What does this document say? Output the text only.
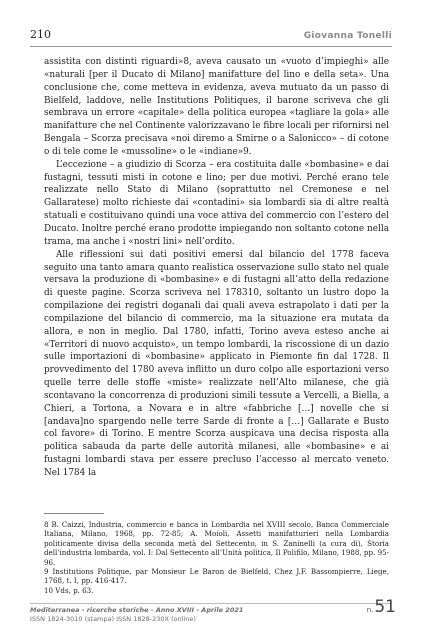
210	Giovanna Tonelli

assistita con distinti riguardi»8, aveva causato un «vuoto d’impieghi» alle «naturali [per il Ducato di Milano] manifatture del lino e della seta». Una conclusione che, come metteva in evidenza, aveva mutuato da un passo di Bielfeld, laddove, nelle Institutions Politiques, il barone scriveva che gli sembrava un errore «capitale» della politica europea «tagliare la gola» alle manifatture che nel Continente valorizzavano le fibre locali per rifornirsi nel Bengala – Scorza precisava «noi diremo a Smirne o a Salonicco» – di cotone o di tele come le «mussoline» o le «indiane»9.

L’eccezione – a giudizio di Scorza – era costituita dalle «bombasine» e dai fustagni, tessuti misti in cotone e lino; per due motivi. Perché erano tele realizzate nello Stato di Milano (soprattutto nel Cremonese e nel Gallaratese) molto richieste dai «contadini» sia lombardi sia di altre realtà statuali e costituivano quindi una voce attiva del commercio con l’estero del Ducato. Inoltre perché erano prodotte impiegando non soltanto cotone nella trama, ma anche i «nostri lini» nell’ordito.

Alle riflessioni sui dati positivi emersi dal bilancio del 1778 faceva seguito una tanto amara quanto realistica osservazione sullo stato nel quale versava la produzione di «bombasine» e di fustagni all’atto della redazione di queste pagine. Scorza scriveva nel 178310, soltanto un lustro dopo la compilazione dei registri doganali dai quali aveva estrapolato i dati per la compilazione del bilancio di commercio, ma la situazione era mutata da allora, e non in meglio. Dal 1780, infatti, Torino aveva esteso anche ai «Territori di nuovo acquisto», un tempo lombardi, la riscossione di un dazio sulle importazioni di «bombasine» applicato in Piemonte fin dal 1728. Il provvedimento del 1780 aveva inflitto un duro colpo alle esportazioni verso quelle terre delle stoffe «miste» realizzate nell’Alto milanese, che già scontavano la concorrenza di produzioni simili tessute a Vercelli, a Biella, a Chieri, a Tortona, a Novara e in altre «fabbriche […] novelle che si [andava]no spargendo nelle terre Sarde di fronte a […] Gallarate e Busto col favore» di Torino. E mentre Scorza auspicava una decisa risposta alla politica sabauda da parte delle autorità milanesi, alle «bombasine» e ai fustagni lombardi stava per essere precluso l’accesso al mercato veneto. Nel 1784 la

8 B. Caizzi, Industria, commercio e banca in Lombardia nel XVIII secolo, Banca Commerciale Italiana, Milano, 1968, pp. 72-85; A. Moioli, Assetti manifatturieri nella Lombardia politicamente divisa della seconda metà del Settecento, in S. Zaninelli (a cura di), Storia dell’industria lombarda, vol. I: Dal Settecento all’Unità politica, Il Polifilo, Milano, 1988, pp. 95-96.

9 Institutions Politique, par Monsieur Le Baron de Bielfeld, Chez J.F. Bassompierre, Liege, 1768, t. I, pp. 416-417.

10 Vds, p. 63.

Mediterranea - ricerche storiche - Anno XVIII - Aprile 2021
ISSN 1824-3010 (stampa) ISSN 1828-230X (online)
n. 51
